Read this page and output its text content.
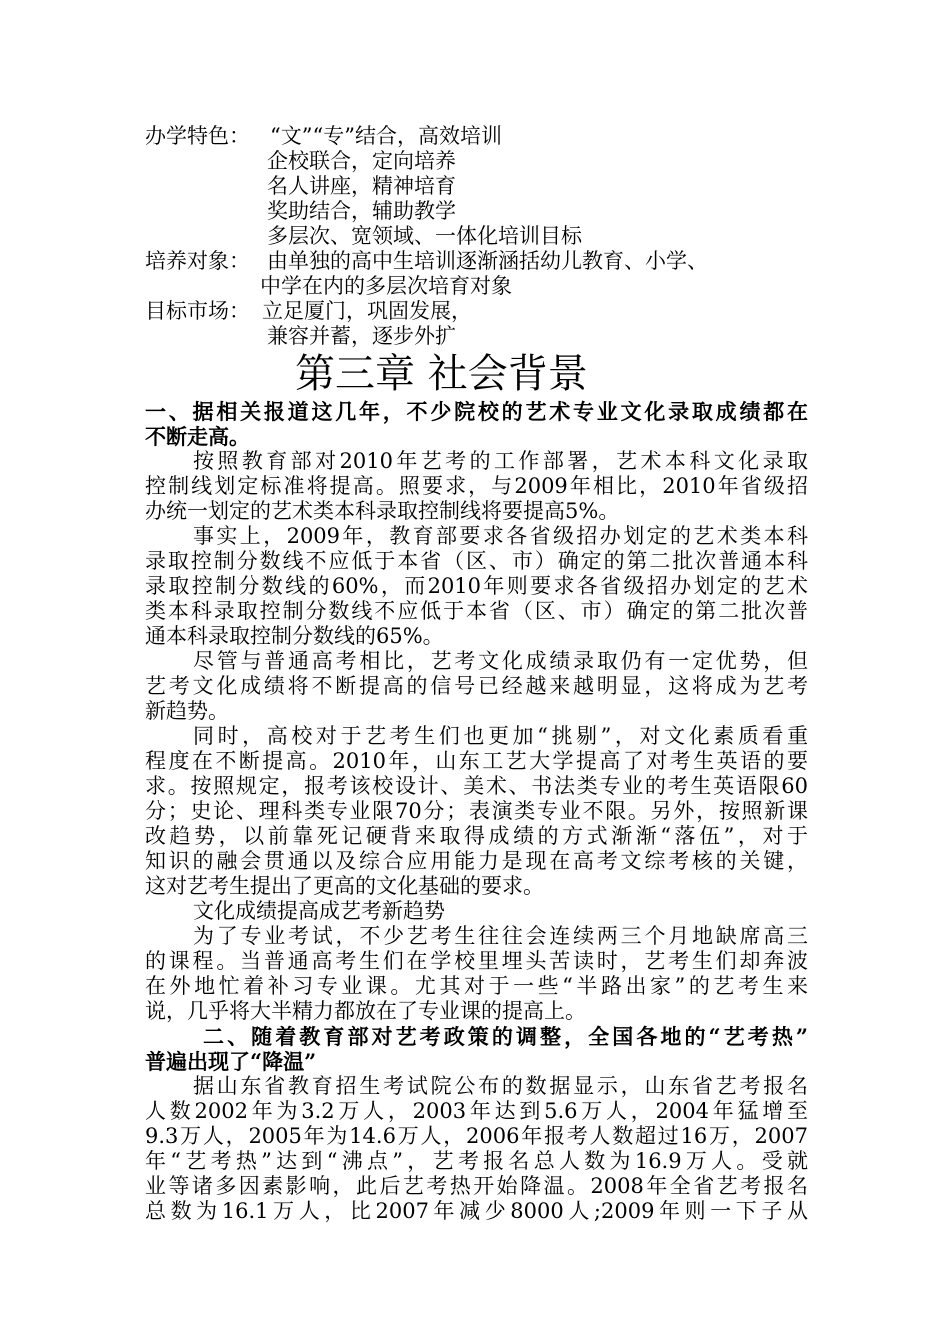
办学特色： “文”“专”结合，高效培训
企校联合，定向培养
名人讲座，精神培育
奖助结合，辅助教学
多层次、宽领域、一体化培训目标
培养对象： 由单独的高中生培训逐渐涵括幼儿教育、小学、
中学在内的多层次培育对象
目标市场： 立足厦门，巩固发展，
兼容并蓄，逐步外扩
第三章 社会背景
一、据相关报道这几年，不少院校的艺术专业文化录取成绩都在
不断走高。
按照教育部对2010年艺考的工作部署，艺术本科文化录取
控制线划定标准将提高。照要求，与2009年相比，2010年省级招
办统一划定的艺术类本科录取控制线将要提高5%。
事实上，2009年，教育部要求各省级招办划定的艺术类本科
录取控制分数线不应低于本省（区、市）确定的第二批次普通本科
录取控制分数线的60%，而2010年则要求各省级招办划定的艺术
类本科录取控制分数线不应低于本省（区、市）确定的第二批次普
通本科录取控制分数线的65%。
尽管与普通高考相比，艺考文化成绩录取仍有一定优势，但
艺考文化成绩将不断提高的信号已经越来越明显，这将成为艺考
新趋势。
同时，高校对于艺考生们也更加“挑剔”，对文化素质看重
程度在不断提高。2010年，山东工艺大学提高了对考生英语的要
求。按照规定，报考该校设计、美术、书法类专业的考生英语限60
分；史论、理科类专业限70分；表演类专业不限。另外，按照新课
改趋势，以前靠死记硬背来取得成绩的方式渐渐“落伍”，对于
知识的融会贯通以及综合应用能力是现在高考文综考核的关键，
这对艺考生提出了更高的文化基础的要求。
文化成绩提高成艺考新趋势
为了专业考试，不少艺考生往往会连续两三个月地缺席高三
的课程。当普通高考生们在学校里埋头苦读时，艺考生们却奔波
在外地忙着补习专业课。尤其对于一些“半路出家”的艺考生来
说，几乎将大半精力都放在了专业课的提高上。
二、随着教育部对艺考政策的调整，全国各地的“艺考热”
普遍出现了“降温”
据山东省教育招生考试院公布的数据显示，山东省艺考报名
人数2002年为3.2万人，2003年达到5.6万人，2004年猛增至
9.3万人，2005年为14.6万人，2006年报考人数超过16万，2007
年“艺考热”达到“沸点”，艺考报名总人数为16.9万人。受就
业等诸多因素影响，此后艺考热开始降温。2008年全省艺考报名
总数为16.1万人，比2007年减少8000人;2009年则一下子从
